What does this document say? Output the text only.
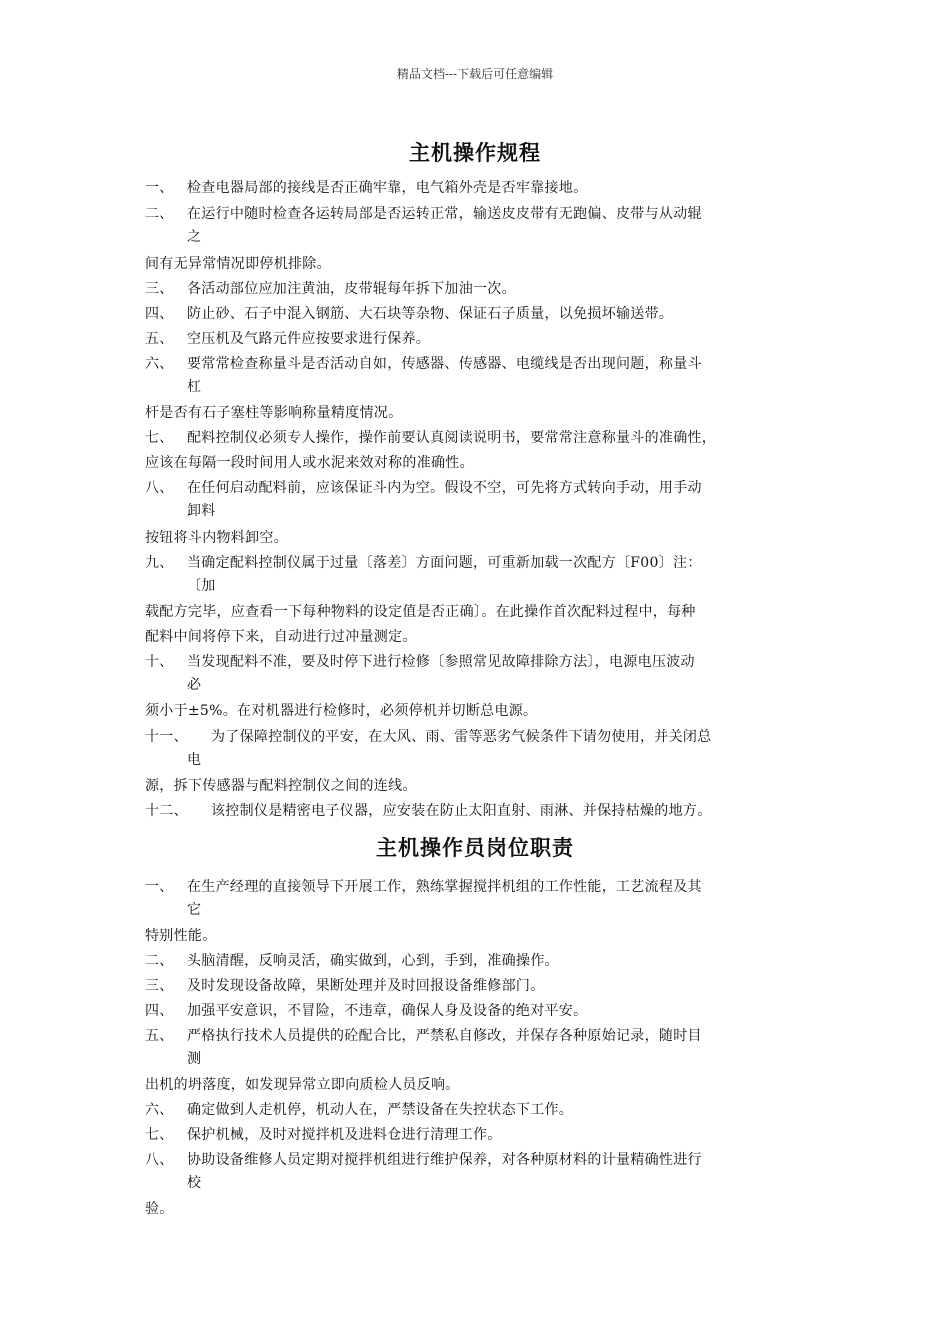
精品文档---下载后可任意编辑
主机操作规程
一、 检查电器局部的接线是否正确牢靠，电气箱外壳是否牢靠接地。
二、 在运行中随时检查各运转局部是否运转正常，输送皮皮带有无跑偏、皮带与从动辊
之
间有无异常情况即停机排除。
三、 各活动部位应加注黄油，皮带辊每年拆下加油一次。
四、 防止砂、石子中混入钢筋、大石块等杂物、保证石子质量，以免损坏输送带。
五、 空压机及气路元件应按要求进行保养。
六、 要常常检查称量斗是否活动自如，传感器、传感器、电缆线是否出现问题，称量斗
杠
杆是否有石子塞柱等影响称量精度情况。
七、 配料控制仪必须专人操作，操作前要认真阅读说明书，要常常注意称量斗的准确性，
应该在每隔一段时间用人或水泥来效对称的准确性。
八、 在任何启动配料前，应该保证斗内为空。假设不空，可先将方式转向手动，用手动
卸料
按钮将斗内物料卸空。
九、 当确定配料控制仪属于过量〔落差〕方面问题，可重新加载一次配方〔F00〕注：
〔加
载配方完毕，应查看一下每种物料的设定值是否正确〕。在此操作首次配料过程中，每种
配料中间将停下来，自动进行过冲量测定。
十、 当发现配料不准，要及时停下进行检修〔参照常见故障排除方法〕，电源电压波动
必
须小于±5%。在对机器进行检修时，必须停机并切断总电源。
十一、 为了保障控制仪的平安，在大风、雨、雷等恶劣气候条件下请勿使用，并关闭总
电
源，拆下传感器与配料控制仪之间的连线。
十二、 该控制仪是精密电子仪器，应安装在防止太阳直射、雨淋、并保持枯燥的地方。
主机操作员岗位职责
一、 在生产经理的直接领导下开展工作，熟练掌握搅拌机组的工作性能，工艺流程及其
它
特别性能。
二、 头脑清醒，反响灵活，确实做到，心到，手到，准确操作。
三、 及时发现设备故障，果断处理并及时回报设备维修部门。
四、 加强平安意识，不冒险，不违章，确保人身及设备的绝对平安。
五、 严格执行技术人员提供的砼配合比，严禁私自修改，并保存各种原始记录，随时目
测
出机的坍落度，如发现异常立即向质检人员反响。
六、 确定做到人走机停，机动人在，严禁设备在失控状态下工作。
七、 保护机械，及时对搅拌机及进料仓进行清理工作。
八、 协助设备维修人员定期对搅拌机组进行维护保养，对各种原材料的计量精确性进行
校
验。
